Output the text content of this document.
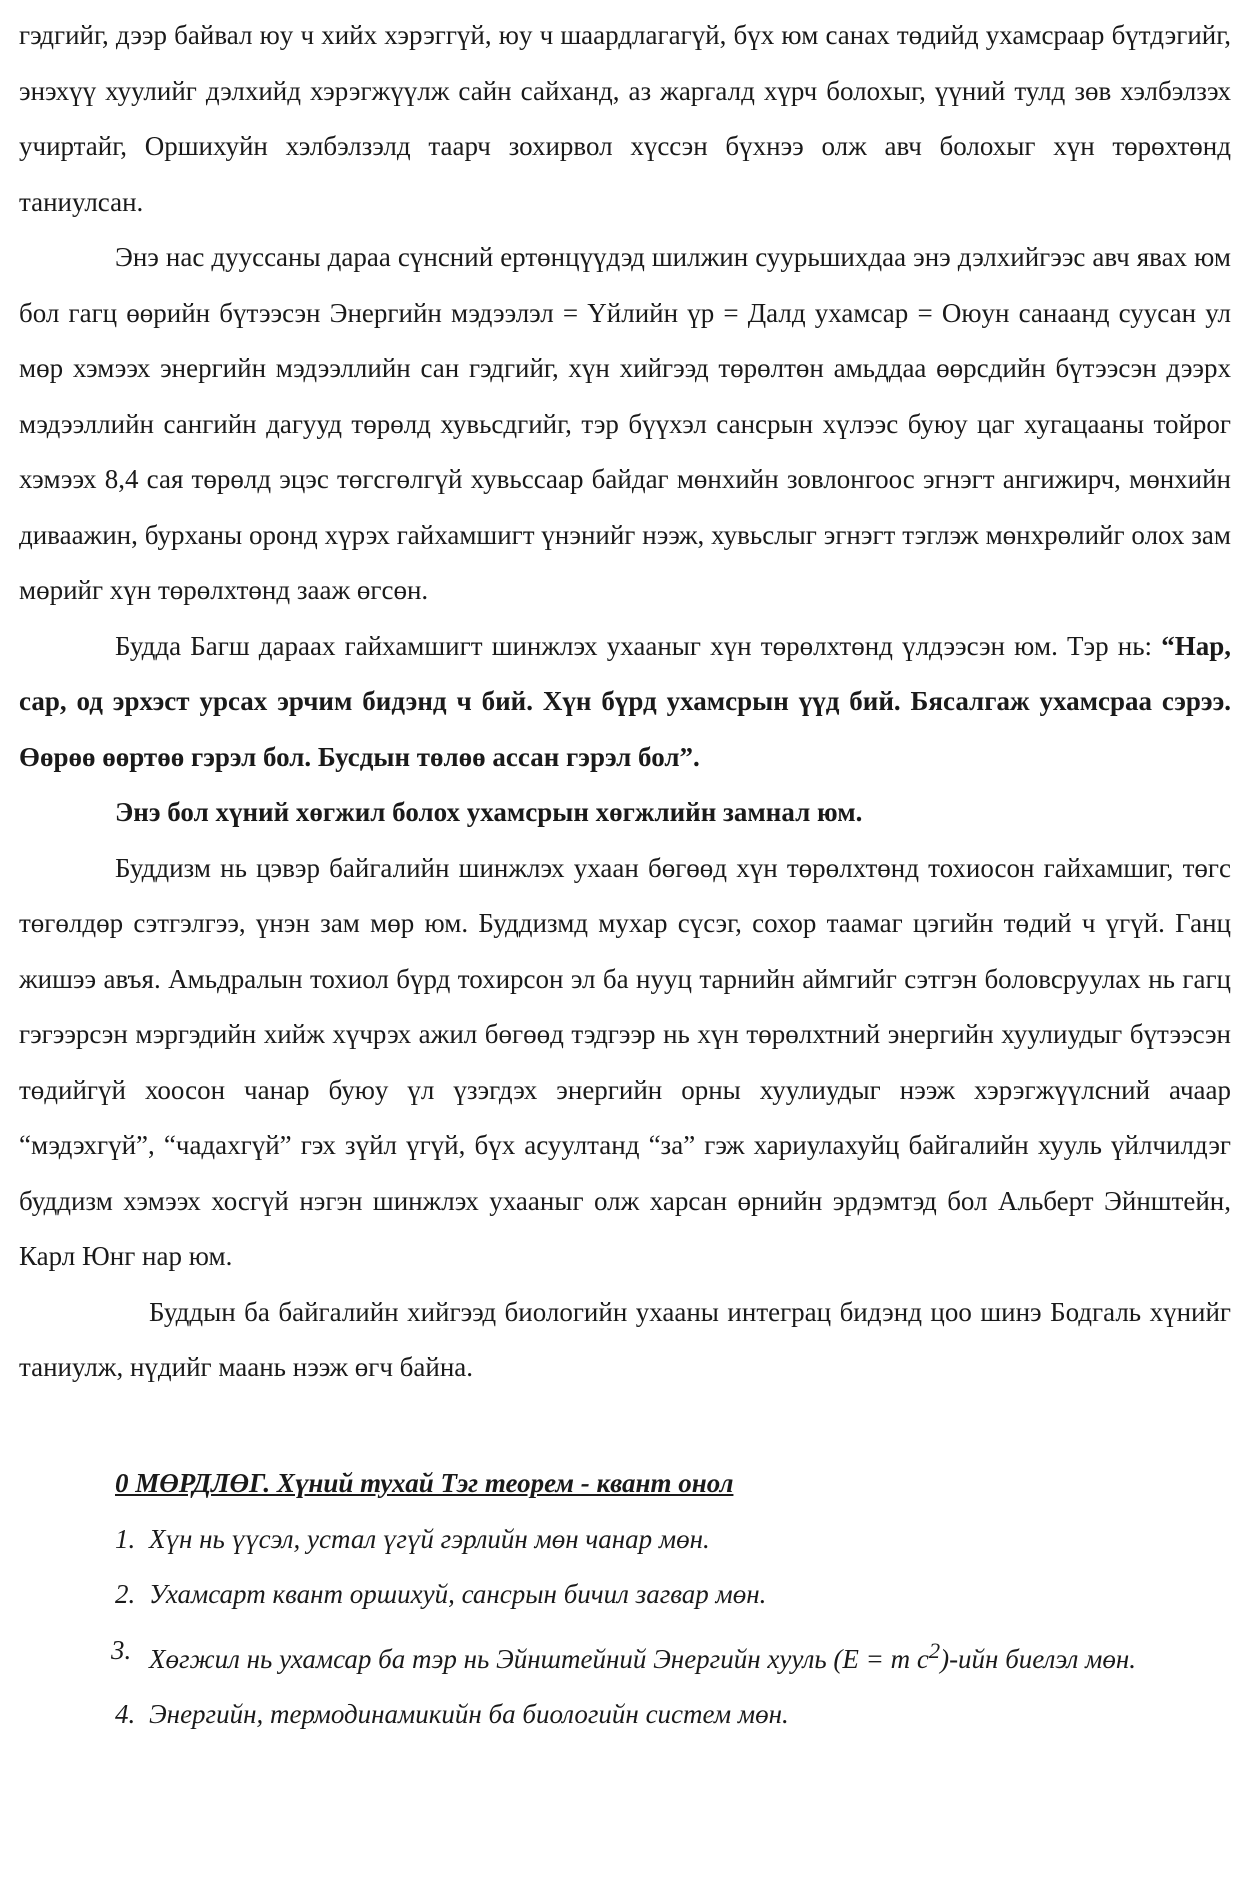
гэдгийг, дээр байвал юу ч хийх хэрэггүй, юу ч шаардлагагүй, бүх юм санах төдийд ухамсраар бүтдэгийг, энэхүү хуулийг дэлхийд хэрэгжүүлж сайн сайханд, аз жаргалд хүрч болохыг, үүний тулд зөв хэлбэлзэх учиртайг, Оршихуйн хэлбэлзэлд таарч зохирвол хүссэн бүхнээ олж авч болохыг хүн төрөхтөнд таниулсан.

Энэ нас дуусcаны дараа сүнсний ертөнцүүдэд шилжин суурьшихдаа энэ дэлхийгээс авч явах юм бол гагц өөрийн бүтээсэн Энергийн мэдээлэл = Үйлийн үр = Далд ухамсар = Оюун санаанд суусан ул мөр хэмээх энергийн мэдээллийн сан гэдгийг, хүн хийгээд төрөлтөн амьддаа өөрсдийн бүтээсэн дээрх мэдээллийн сангийн дагууд төрөлд хувьсдгийг, тэр бүүхэл сансрын хүлээс буюу цаг хугацааны тойрог хэмээх 8,4 сая төрөлд эцэс төгсгөлгүй хувьссаар байдаг мөнхийн зовлонгоос эгнэгт ангижирч, мөнхийн диваажин, бурханы оронд хүрэх гайхамшигт үнэнийг нээж, хувьслыг эгнэгт тэглэж мөнхрөлийг олох зам мөрийг хүн төрөлхтөнд зааж өгсөн.

Будда Багш дараах гайхамшигт шинжлэх ухааныг хүн төрөлхтөнд үлдээсэн юм. Тэр нь: “Нар, сар, од эрхэст урсах эрчим бидэнд ч бий. Хүн бүрд ухамсрын үүд бий. Бясалгаж ухамсраа сэрээ. Өөрөө өөртөө гэрэл бол. Бусдын төлөө ассан гэрэл бол”.

Энэ бол хүний хөгжил болох ухамсрын хөгжлийн замнал юм.

Буддизм нь цэвэр байгалийн шинжлэх ухаан бөгөөд хүн төрөлхтөнд тохиосон гайхамшиг, төгс төгөлдөр сэтгэлгээ, үнэн зам мөр юм. Буддизмд мухар сүсэг, сохор таамаг цэгийн төдий ч үгүй. Ганц жишээ авъя. Амьдралын тохиол бүрд тохирсон эл ба нууц тарнийн аймгийг сэтгэн боловсруулах нь гагц гэгээрсэн мэргэдийн хийж хүчрэх ажил бөгөөд тэдгээр нь хүн төрөлхтний энергийн хуулиудыг бүтээсэн төдийгүй хоосон чанар буюу үл үзэгдэх энергийн орны хуулиудыг нээж хэрэгжүүлсний ачаар “мэдэхгүй”, “чадахгүй” гэх зүйл үгүй, бүх асуултанд “за” гэж хариулахуйц байгалийн хууль үйлчилдэг буддизм хэмээх хосгүй нэгэн шинжлэх ухааныг олж харсан өрнийн эрдэмтэд бол Альберт Эйнштейн, Карл Юнг нар юм.

Буддын ба байгалийн хийгээд биологийн ухааны интеграц бидэнд цоо шинэ Бодгаль хүнийг таниулж, нүдийг маань нээж өгч байна.

0 МӨРДЛӨГ. Хүний тухай Тэг теорем - квант онол

1. Хүн нь үүсэл, устал үгүй гэрлийн мөн чанар мөн.
2. Ухамсарт квант оршихуй, сансрын бичил загвар мөн.
3. Хөгжил нь ухамсар ба тэр нь Эйнштейний Энергийн хууль (E = m $c^2$)-ийн биелэл мөн.
4. Энергийн, термодинамикийн ба биологийн систем мөн.
